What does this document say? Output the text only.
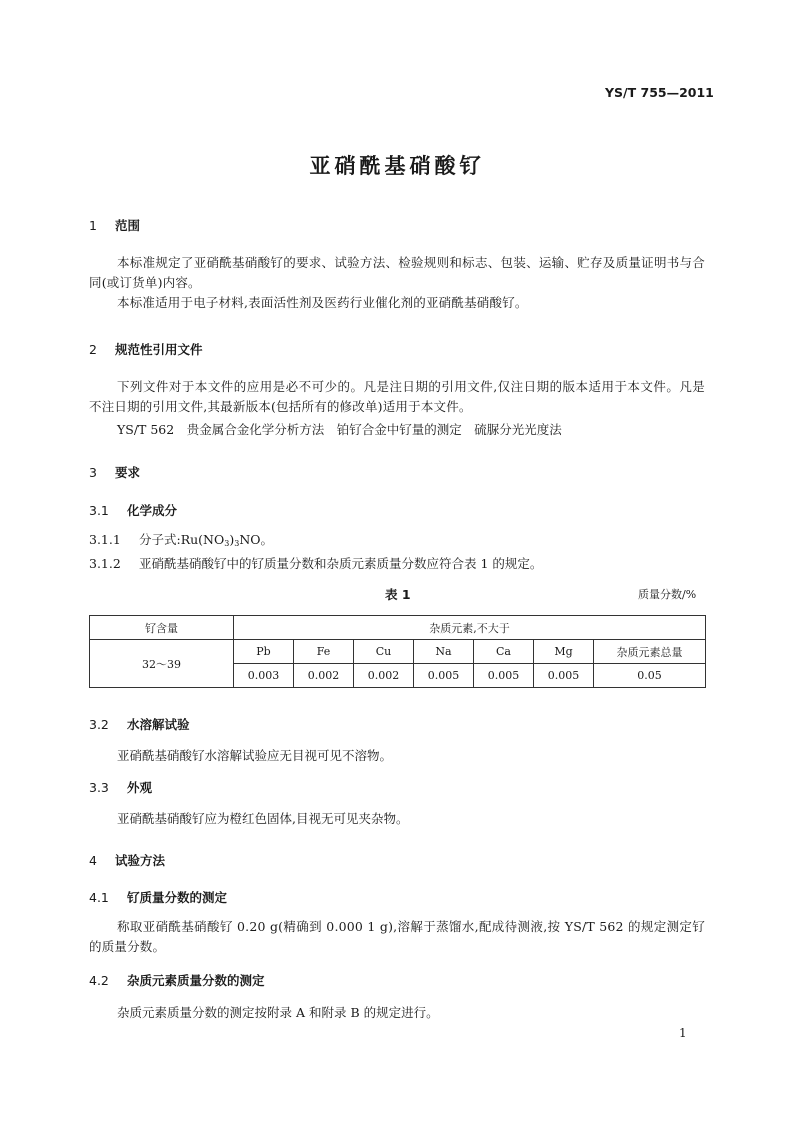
YS/T 755—2011
亚硝酰基硝酸钌
1 范围
本标准规定了亚硝酰基硝酸钌的要求、试验方法、检验规则和标志、包装、运输、贮存及质量证明书与合同(或订货单)内容。
本标准适用于电子材料,表面活性剂及医药行业催化剂的亚硝酰基硝酸钌。
2 规范性引用文件
下列文件对于本文件的应用是必不可少的。凡是注日期的引用文件,仅注日期的版本适用于本文件。凡是不注日期的引用文件,其最新版本(包括所有的修改单)适用于本文件。
YS/T 562　贵金属合金化学分析方法　铂钌合金中钌量的测定　硫脲分光光度法
3 要求
3.1 化学成分
3.1.1 分子式$:Ru(NO_3)_3NO$。
3.1.2 亚硝酰基硝酸钌中的钌质量分数和杂质元素质量分数应符合表 1 的规定。
表 1	质量分数/%
钌含量	杂质元素,不大于						
32～39	Pb	Fe	Cu	Na	Ca	Mg	杂质元素总量
	0.003	0.002	0.002	0.005	0.005	0.005	0.05
3.2 水溶解试验
亚硝酰基硝酸钌水溶解试验应无目视可见不溶物。
3.3 外观
亚硝酰基硝酸钌应为橙红色固体,目视无可见夹杂物。
4 试验方法
4.1 钌质量分数的测定
称取亚硝酰基硝酸钌 0.20 g(精确到 0.000 1 g),溶解于蒸馏水,配成待测液,按 YS/T 562 的规定测定钌的质量分数。
4.2 杂质元素质量分数的测定
杂质元素质量分数的测定按附录 A 和附录 B 的规定进行。
1
